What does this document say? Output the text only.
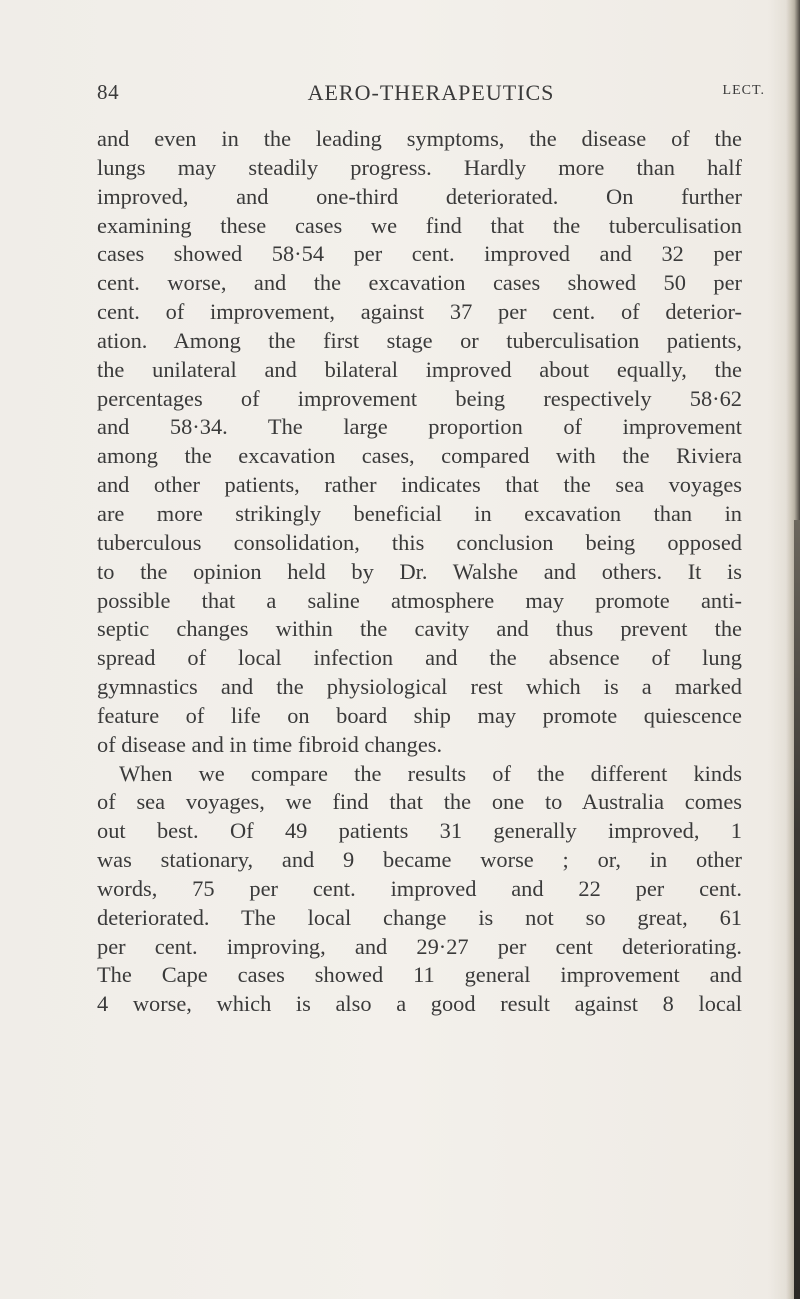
84	AERO-THERAPEUTICS	LECT.
and even in the leading symptoms, the disease of the
lungs may steadily progress. Hardly more than half
improved, and one-third deteriorated. On further
examining these cases we find that the tuberculisation
cases showed 58·54 per cent. improved and 32 per
cent. worse, and the excavation cases showed 50 per
cent. of improvement, against 37 per cent. of deterior-
ation. Among the first stage or tuberculisation patients,
the unilateral and bilateral improved about equally, the
percentages of improvement being respectively 58·62
and 58·34. The large proportion of improvement
among the excavation cases, compared with the Riviera
and other patients, rather indicates that the sea voyages
are more strikingly beneficial in excavation than in
tuberculous consolidation, this conclusion being opposed
to the opinion held by Dr. Walshe and others. It is
possible that a saline atmosphere may promote anti-
septic changes within the cavity and thus prevent the
spread of local infection and the absence of lung
gymnastics and the physiological rest which is a marked
feature of life on board ship may promote quiescence
of disease and in time fibroid changes.
When we compare the results of the different kinds
of sea voyages, we find that the one to Australia comes
out best. Of 49 patients 31 generally improved, 1
was stationary, and 9 became worse ; or, in other
words, 75 per cent. improved and 22 per cent.
deteriorated. The local change is not so great, 61
per cent. improving, and 29·27 per cent deteriorating.
The Cape cases showed 11 general improvement and
4 worse, which is also a good result against 8 local
